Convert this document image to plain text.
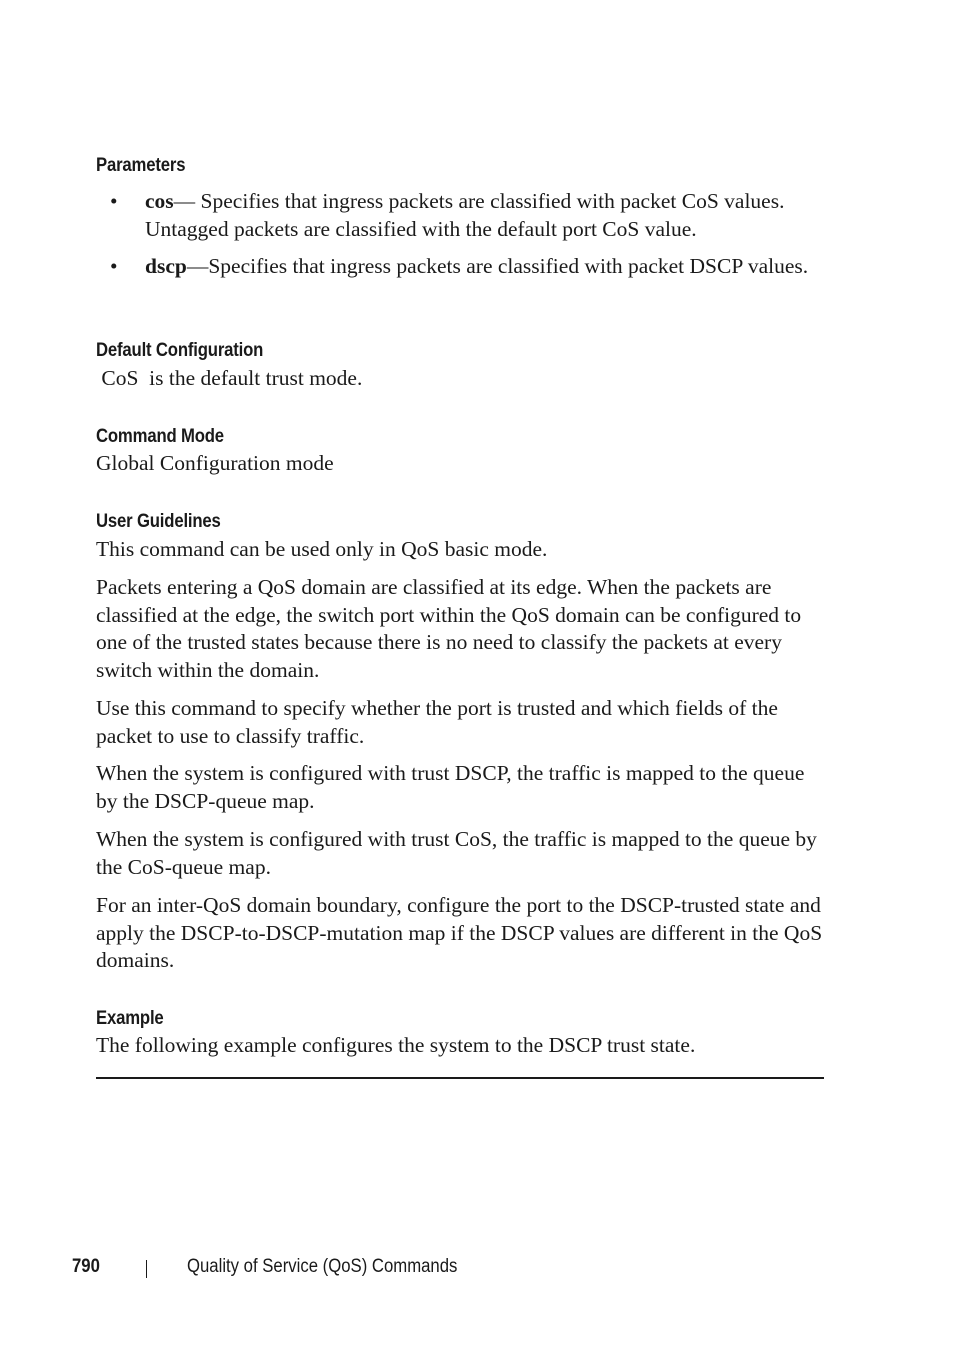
Parameters
• cos— Specifies that ingress packets are classified with packet CoS values. Untagged packets are classified with the default port CoS value.
• dscp—Specifies that ingress packets are classified with packet DSCP values.
Default Configuration

CoS  is the default trust mode.

Command Mode

Global Configuration mode

User Guidelines

This command can be used only in QoS basic mode.

Packets entering a QoS domain are classified at its edge. When the packets are classified at the edge, the switch port within the QoS domain can be configured to one of the trusted states because there is no need to classify the packets at every switch within the domain.

Use this command to specify whether the port is trusted and which fields of the packet to use to classify traffic.

When the system is configured with trust DSCP, the traffic is mapped to the queue by the DSCP-queue map.

When the system is configured with trust CoS, the traffic is mapped to the queue by the CoS-queue map.

For an inter-QoS domain boundary, configure the port to the DSCP-trusted state and apply the DSCP-to-DSCP-mutation map if the DSCP values are different in the QoS domains.

Example

The following example configures the system to the DSCP trust state.

790	Quality of Service (QoS) Commands
